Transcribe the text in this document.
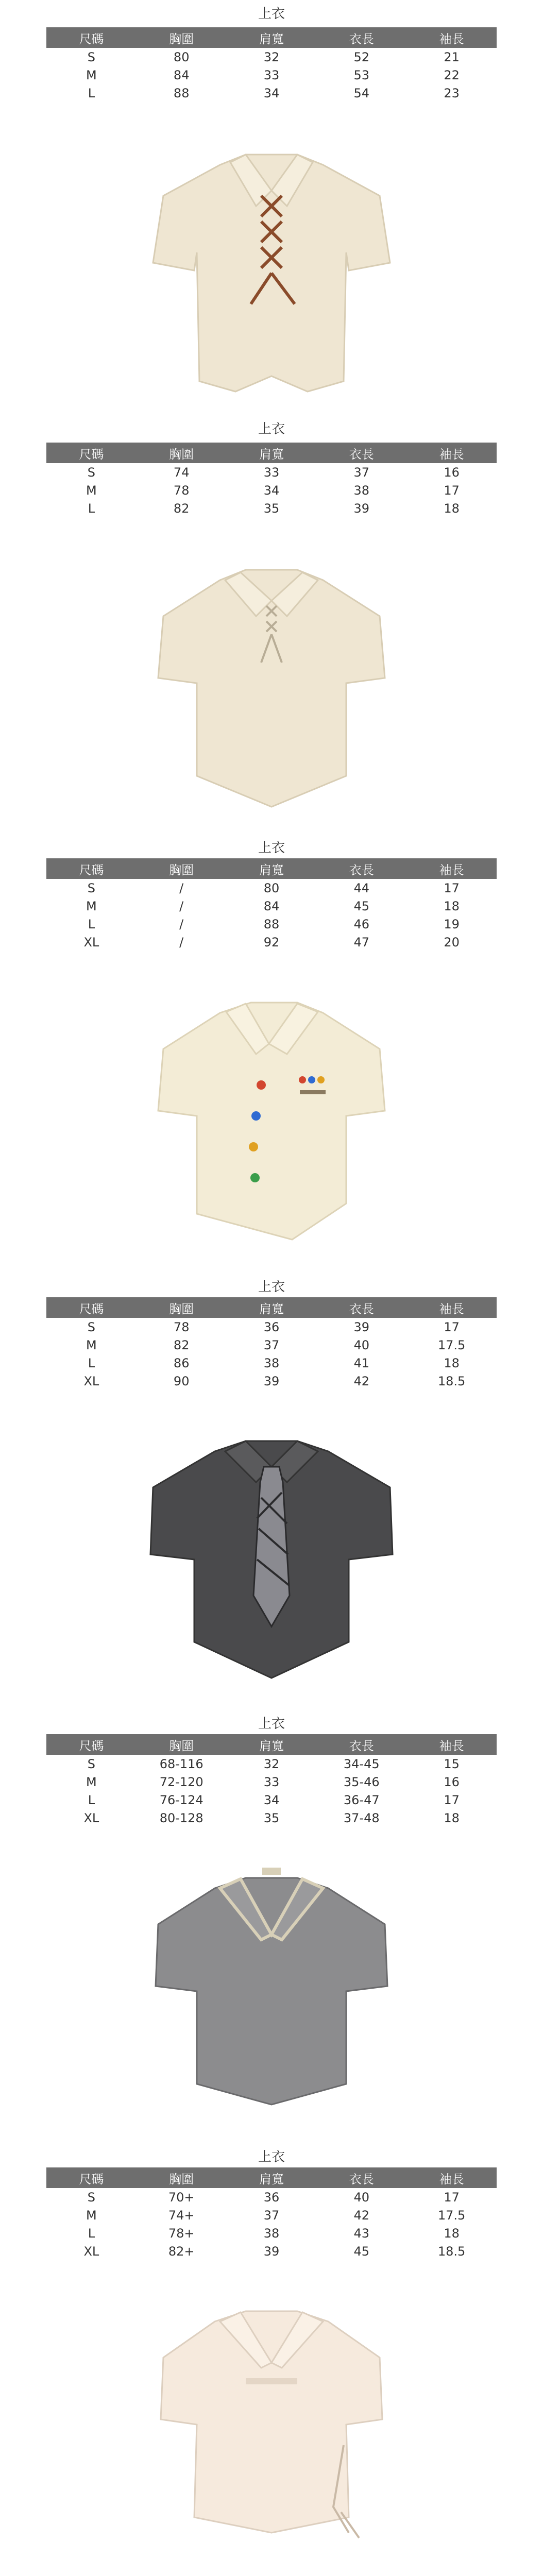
上衣
尺碼	胸圍	肩寬	衣長	袖長
S	80	32	52	21
M	84	33	53	22
L	88	34	54	23
上衣
尺碼	胸圍	肩寬	衣長	袖長
S	74	33	37	16
M	78	34	38	17
L	82	35	39	18
上衣
尺碼	胸圍	肩寬	衣長	袖長
S	/	80	44	17
M	/	84	45	18
L	/	88	46	19
XL	/	92	47	20
上衣
尺碼	胸圍	肩寬	衣長	袖長
S	78	36	39	17
M	82	37	40	17.5
L	86	38	41	18
XL	90	39	42	18.5
上衣
尺碼	胸圍	肩寬	衣長	袖長
S	68-116	32	34-45	15
M	72-120	33	35-46	16
L	76-124	34	36-47	17
XL	80-128	35	37-48	18
上衣
尺碼	胸圍	肩寬	衣長	袖長
S	70+	36	40	17
M	74+	37	42	17.5
L	78+	38	43	18
XL	82+	39	45	18.5
